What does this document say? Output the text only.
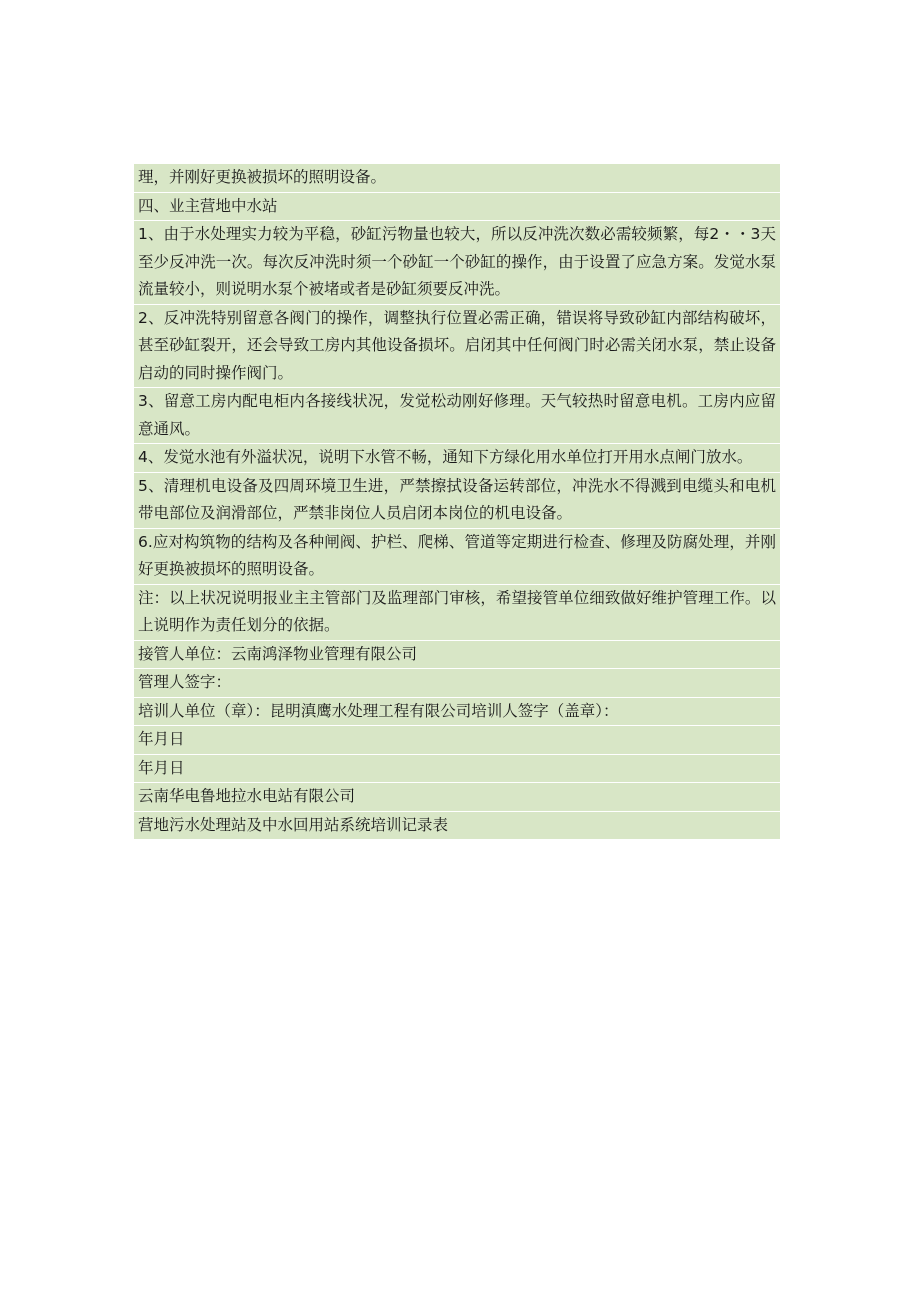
理，并刚好更换被损坏的照明设备。
四、业主营地中水站
1、由于水处理实力较为平稳，砂缸污物量也较大，所以反冲洗次数必需较频繁，每2・・3天至少反冲洗一次。每次反冲洗时须一个砂缸一个砂缸的操作，由于设置了应急方案。发觉水泵流量较小，则说明水泵个被堵或者是砂缸须要反冲洗。
2、反冲洗特别留意各阀门的操作，调整执行位置必需正确，错误将导致砂缸内部结构破坏，甚至砂缸裂开，还会导致工房内其他设备损坏。启闭其中任何阀门时必需关闭水泵，禁止设备启动的同时操作阀门。
3、留意工房内配电柜内各接线状况，发觉松动刚好修理。天气较热时留意电机。工房内应留意通风。
4、发觉水池有外溢状况，说明下水管不畅，通知下方绿化用水单位打开用水点闸门放水。
5、清理机电设备及四周环境卫生进，严禁擦拭设备运转部位，冲洗水不得溅到电缆头和电机带电部位及润滑部位，严禁非岗位人员启闭本岗位的机电设备。
6.应对构筑物的结构及各种闸阀、护栏、爬梯、管道等定期进行检查、修理及防腐处理，并刚好更换被损坏的照明设备。
注：以上状况说明报业主主管部门及监理部门审核，希望接管单位细致做好维护管理工作。以上说明作为责任划分的依据。
接管人单位：云南鸿泽物业管理有限公司
管理人签字：
培训人单位（章）：昆明滇鹰水处理工程有限公司培训人签字（盖章）：
年月日
年月日
云南华电鲁地拉水电站有限公司
营地污水处理站及中水回用站系统培训记录表
